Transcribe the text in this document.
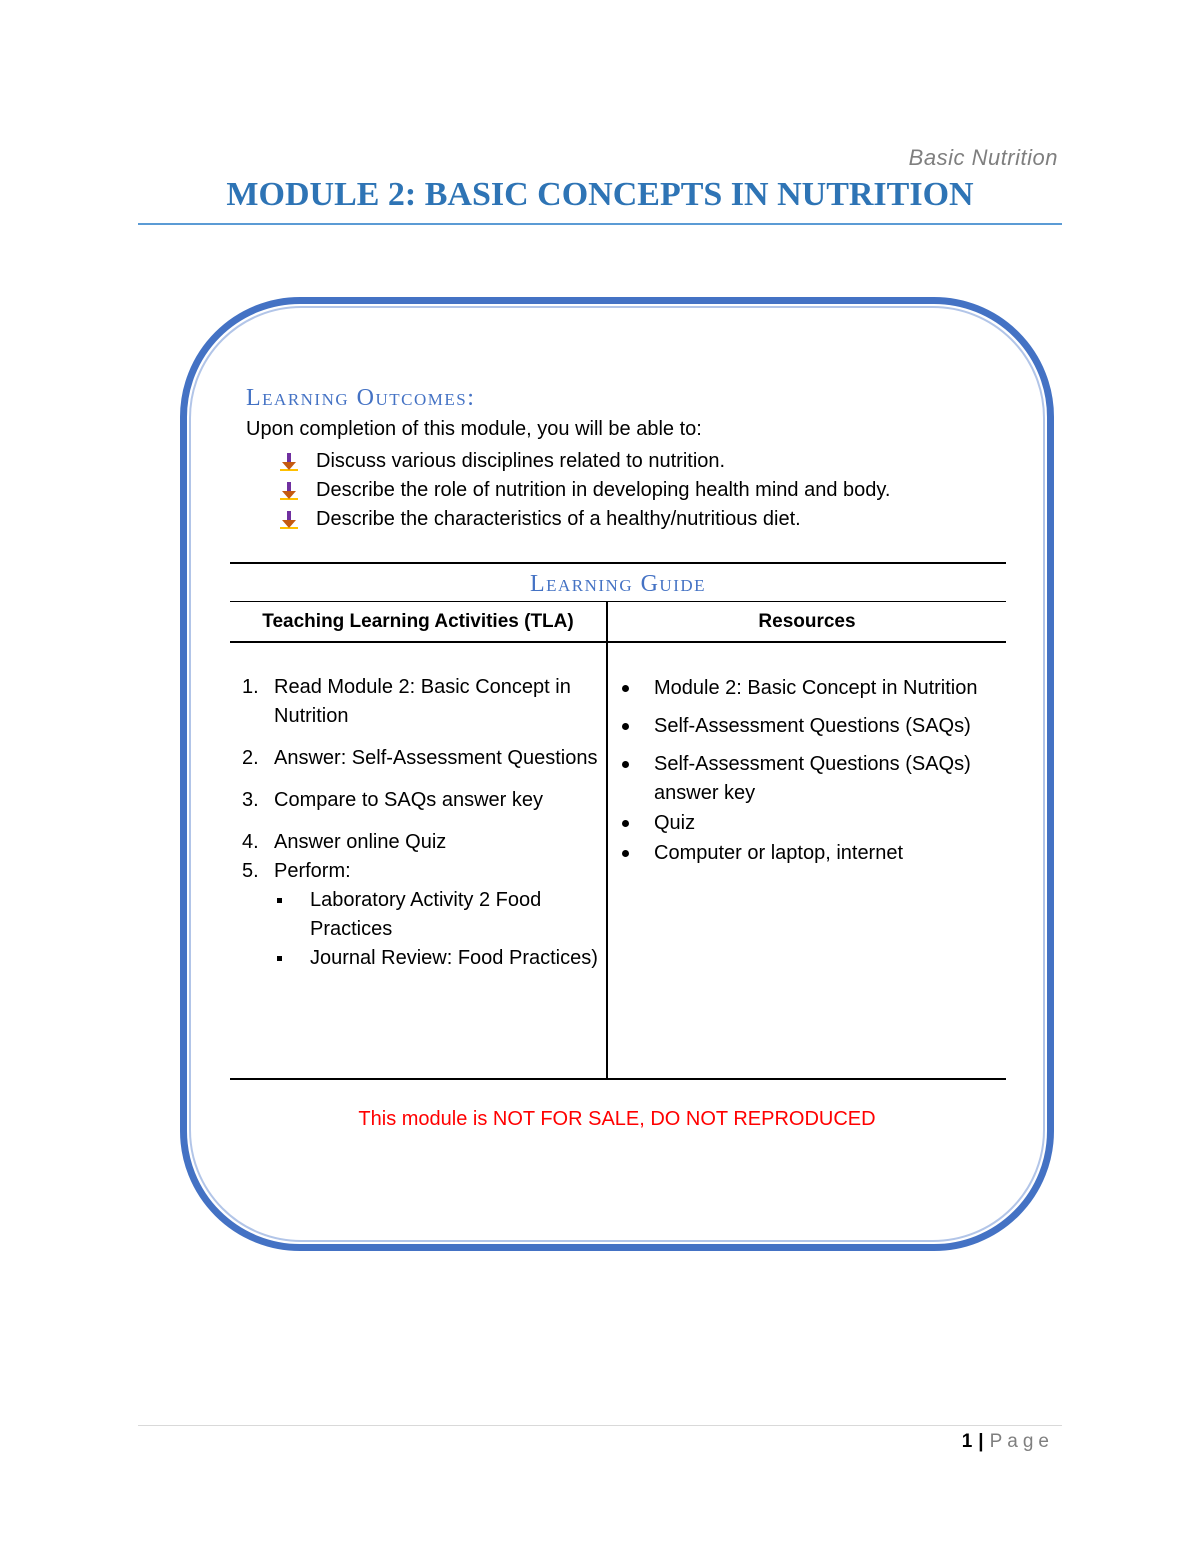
Basic Nutrition
MODULE 2: BASIC CONCEPTS IN NUTRITION
Learning Outcomes:
Upon completion of this module, you will be able to:
Discuss various disciplines related to nutrition.
Describe the role of nutrition in developing health mind and body.
Describe the characteristics of a healthy/nutritious diet.
Learning Guide
Teaching Learning Activities (TLA)	Resources
1. Read Module 2: Basic Concept in Nutrition
2. Answer: Self-Assessment Questions
3. Compare to SAQs answer key
4. Answer online Quiz
5. Perform:
Laboratory Activity 2 Food Practices
Journal Review: Food Practices)
Module 2: Basic Concept in Nutrition
Self-Assessment Questions (SAQs)
Self-Assessment Questions (SAQs) answer key
Quiz
Computer or laptop, internet
This module is NOT FOR SALE, DO NOT REPRODUCED
1 | Page
